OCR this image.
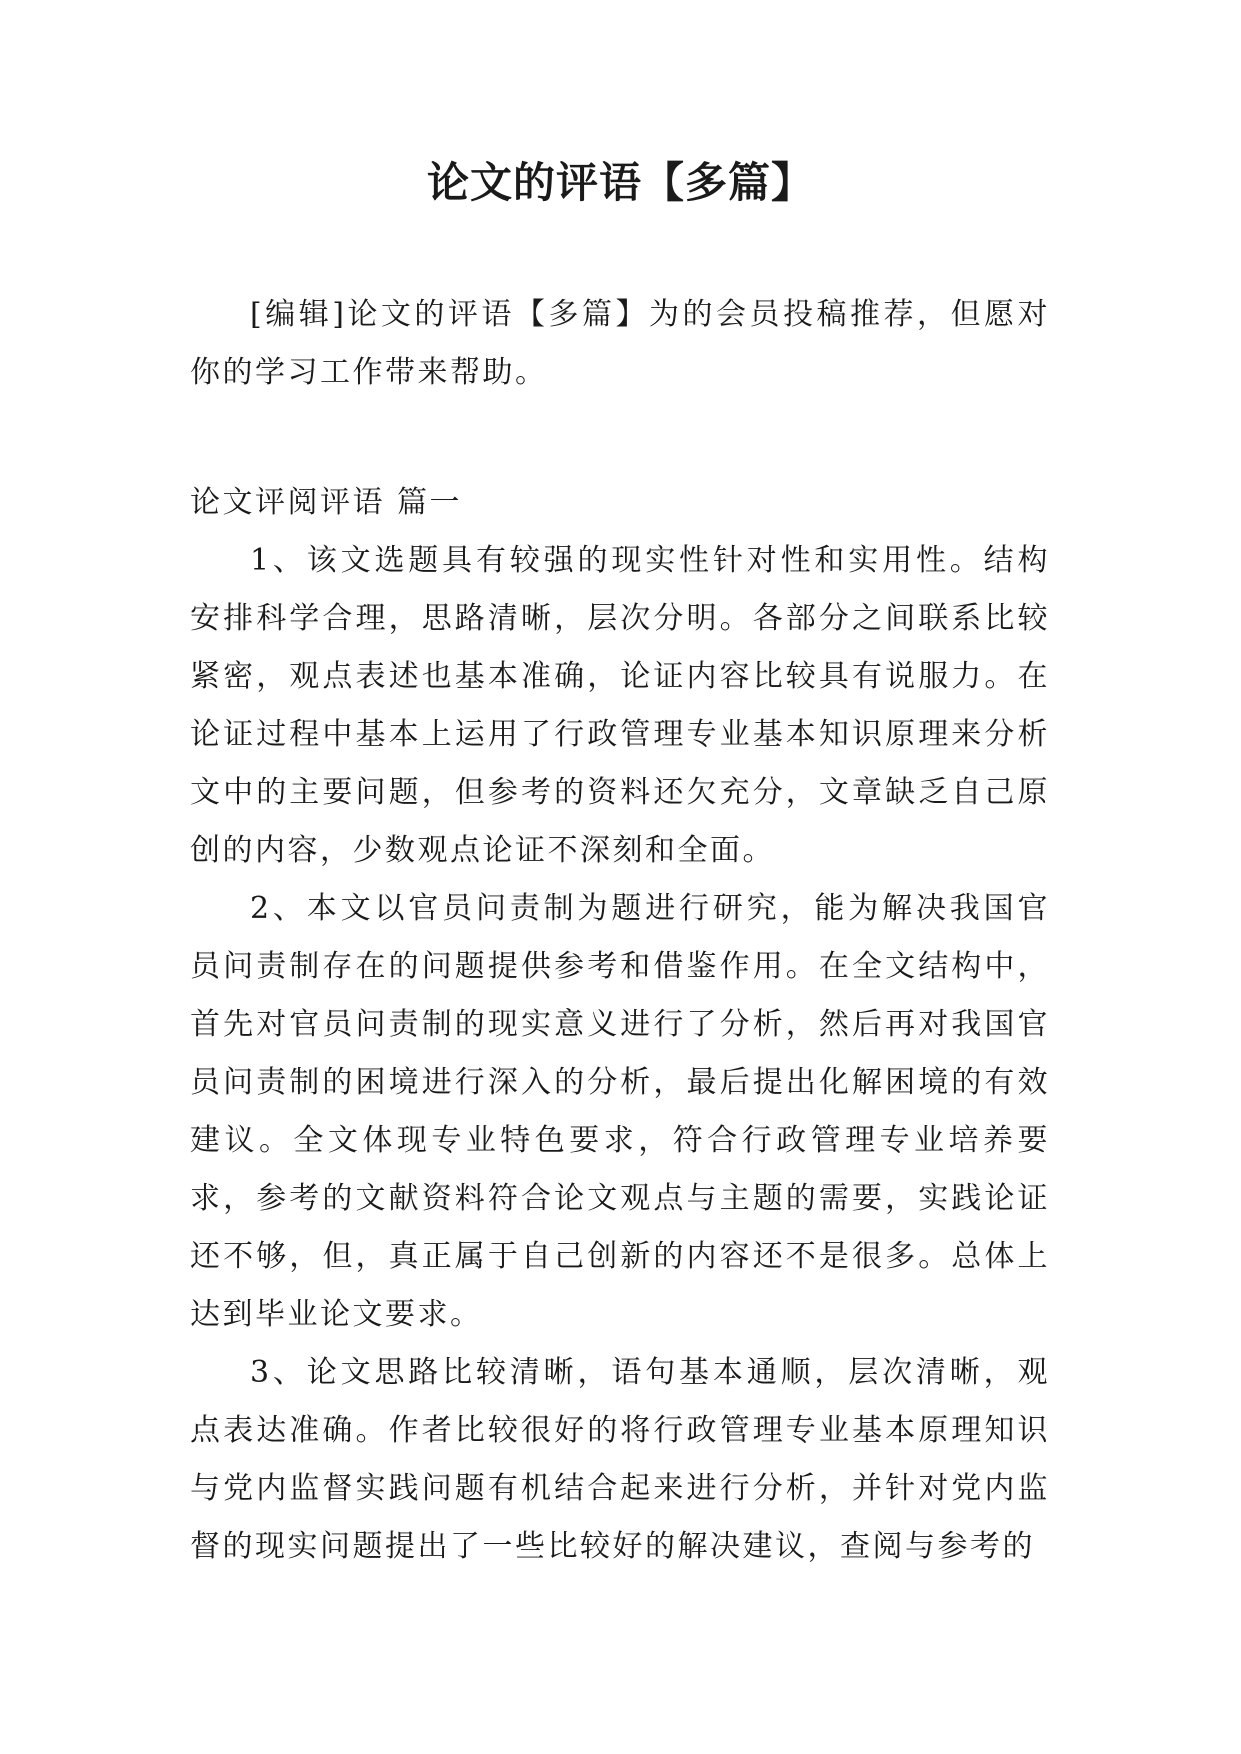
论文的评语【多篇】

[编辑]论文的评语【多篇】为的会员投稿推荐，但愿对你的学习工作带来帮助。

论文评阅评语 篇一

1、该文选题具有较强的现实性针对性和实用性。结构安排科学合理，思路清晰，层次分明。各部分之间联系比较紧密，观点表述也基本准确，论证内容比较具有说服力。在论证过程中基本上运用了行政管理专业基本知识原理来分析文中的主要问题，但参考的资料还欠充分，文章缺乏自己原创的内容，少数观点论证不深刻和全面。

2、本文以官员问责制为题进行研究，能为解决我国官员问责制存在的问题提供参考和借鉴作用。在全文结构中，首先对官员问责制的现实意义进行了分析，然后再对我国官员问责制的困境进行深入的分析，最后提出化解困境的有效建议。全文体现专业特色要求，符合行政管理专业培养要求，参考的文献资料符合论文观点与主题的需要，实践论证还不够，但，真正属于自己创新的内容还不是很多。总体上达到毕业论文要求。

3、论文思路比较清晰，语句基本通顺，层次清晰，观点表达准确。作者比较很好的将行政管理专业基本原理知识与党内监督实践问题有机结合起来进行分析，并针对党内监督的现实问题提出了一些比较好的解决建议，查阅与参考的
